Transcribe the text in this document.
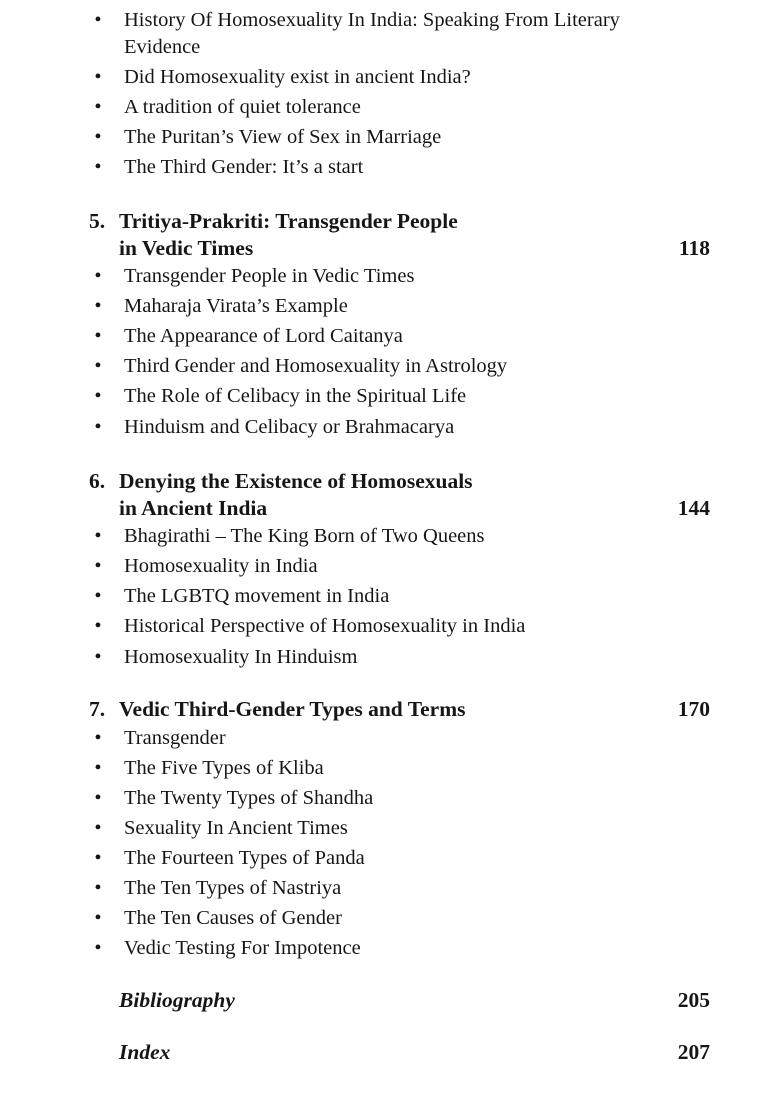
• History Of Homosexuality In India: Speaking From Literary
Evidence
• Did Homosexuality exist in ancient India?
• A tradition of quiet tolerance
• The Puritan’s View of Sex in Marriage
• The Third Gender: It’s a start
5. Tritiya-Prakriti: Transgender People
in Vedic Times	118
• Transgender People in Vedic Times
• Maharaja Virata’s Example
• The Appearance of Lord Caitanya
• Third Gender and Homosexuality in Astrology
• The Role of Celibacy in the Spiritual Life
• Hinduism and Celibacy or Brahmacarya
6. Denying the Existence of Homosexuals
in Ancient India	144
• Bhagirathi – The King Born of Two Queens
• Homosexuality in India
• The LGBTQ movement in India
• Historical Perspective of Homosexuality in India
• Homosexuality In Hinduism
7. Vedic Third-Gender Types and Terms	170
• Transgender
• The Five Types of Kliba
• The Twenty Types of Shandha
• Sexuality In Ancient Times
• The Fourteen Types of Panda
• The Ten Types of Nastriya
• The Ten Causes of Gender
• Vedic Testing For Impotence
Bibliography	205
Index	207
